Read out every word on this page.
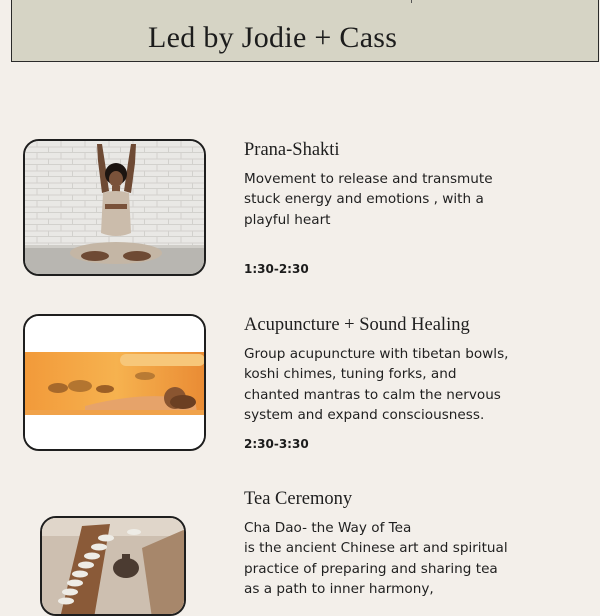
Led by Jodie + Cass
Prana-Shakti
Movement to release and transmute
stuck energy and emotions , with a
playful heart
1:30-2:30
Acupuncture + Sound Healing
Group acupuncture with tibetan bowls,
koshi chimes, tuning forks, and
chanted mantras to calm the nervous
system and expand consciousness.
2:30-3:30
Tea Ceremony
Cha Dao- the Way of Tea
is the ancient Chinese art and spiritual
practice of preparing and sharing tea
as a path to inner harmony,
